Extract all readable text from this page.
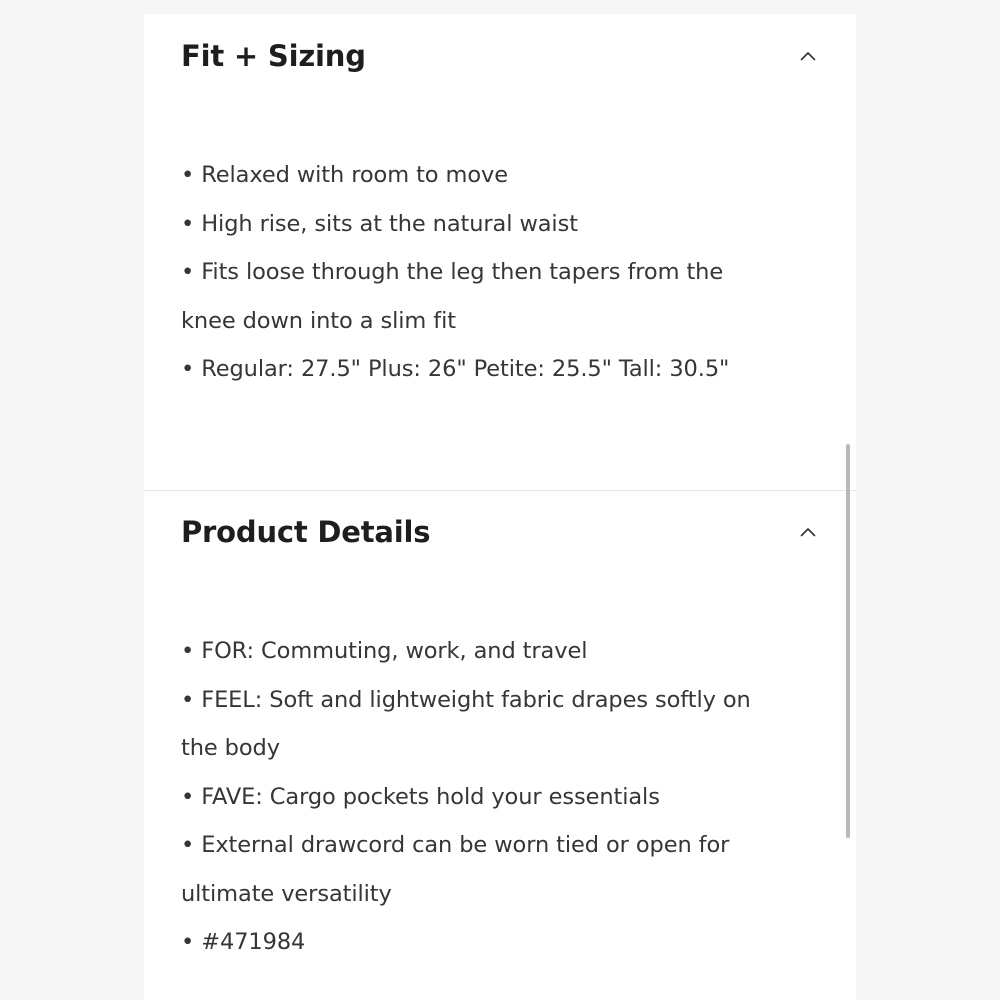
Fit + Sizing
• Relaxed with room to move
• High rise, sits at the natural waist
• Fits loose through the leg then tapers from the
knee down into a slim fit
• Regular: 27.5" Plus: 26" Petite: 25.5" Tall: 30.5"
Product Details
• FOR: Commuting, work, and travel
• FEEL: Soft and lightweight fabric drapes softly on
the body
• FAVE: Cargo pockets hold your essentials
• External drawcord can be worn tied or open for
ultimate versatility
• #471984
